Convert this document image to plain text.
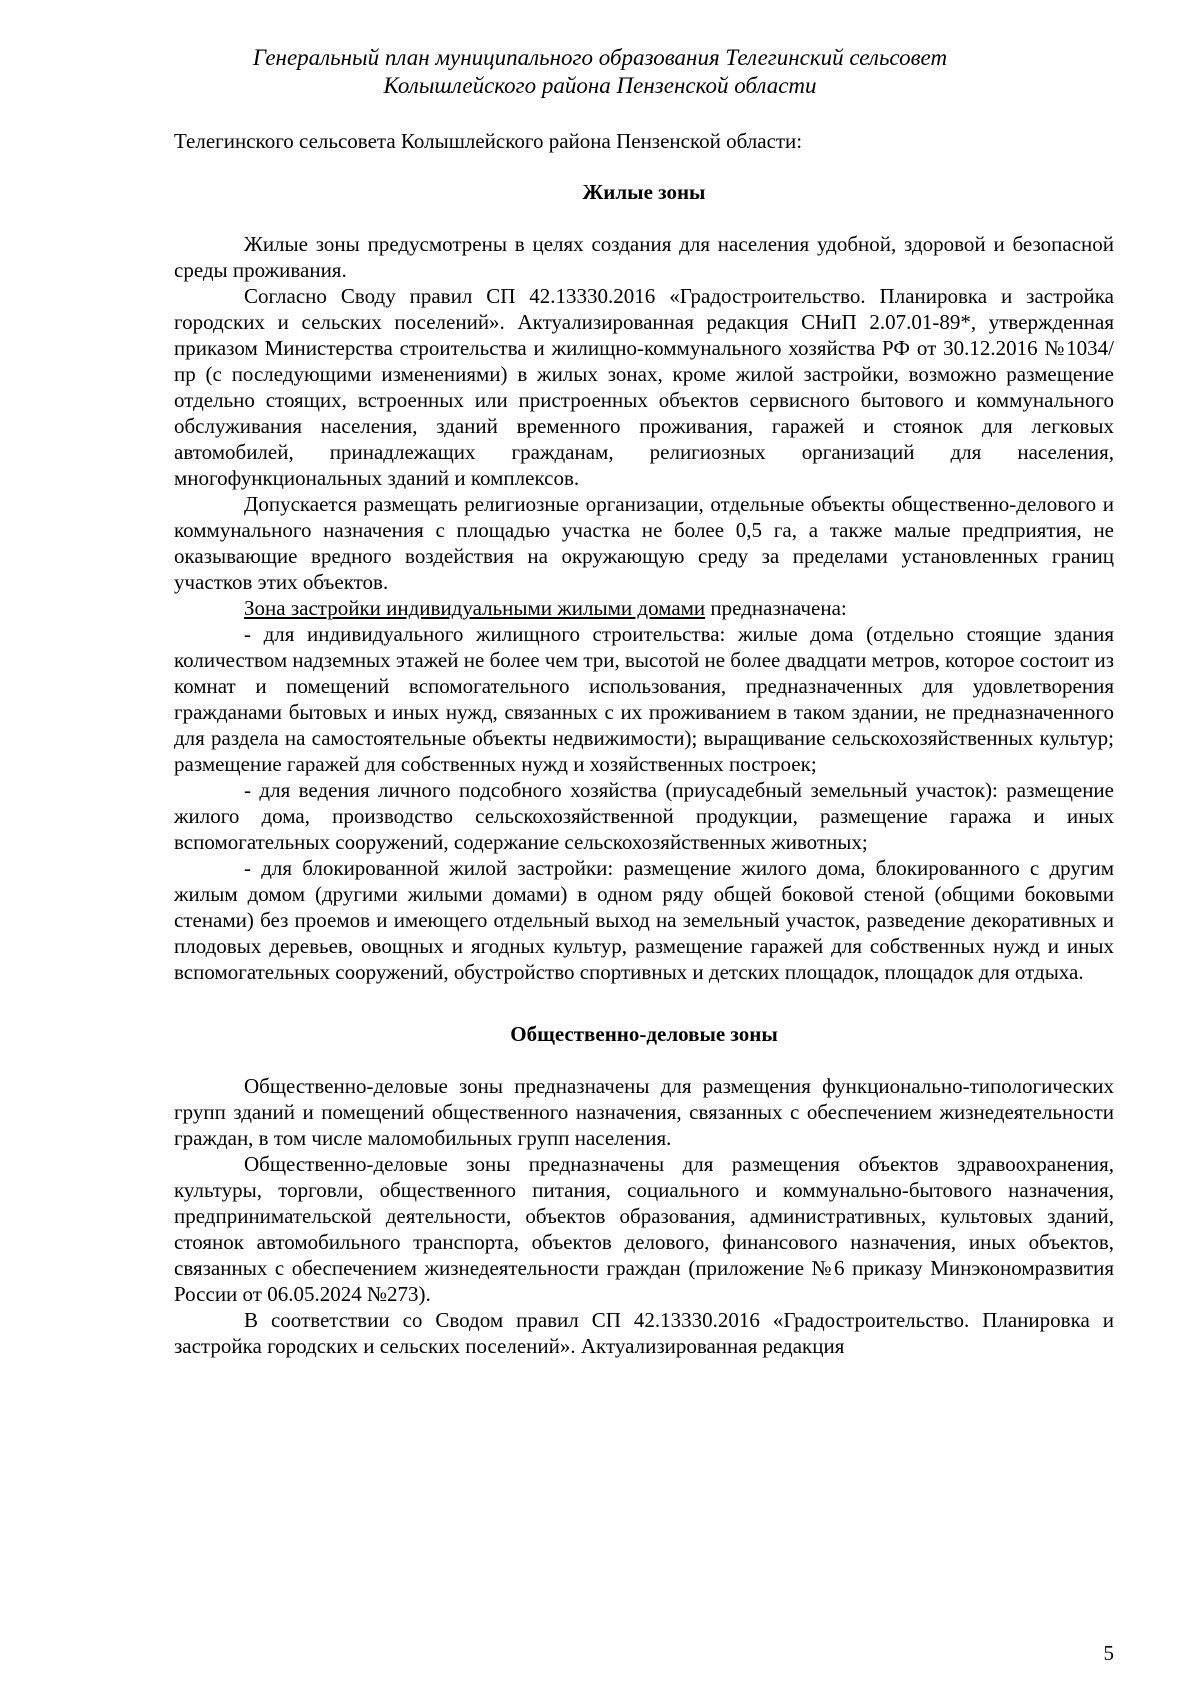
Генеральный план муниципального образования Телегинский сельсовет
Колышлейского района Пензенской области

Телегинского сельсовета Колышлейского района Пензенской области:

Жилые зоны

Жилые зоны предусмотрены в целях создания для населения удобной, здоровой и безопасной среды проживания.

Согласно Своду правил СП 42.13330.2016 «Градостроительство. Планировка и застройка городских и сельских поселений». Актуализированная редакция СНиП 2.07.01-89*, утвержденная приказом Министерства строительства и жилищно-коммунального хозяйства РФ от 30.12.2016 №1034/пр (с последующими изменениями) в жилых зонах, кроме жилой застройки, возможно размещение отдельно стоящих, встроенных или пристроенных объектов сервисного бытового и коммунального обслуживания населения, зданий временного проживания, гаражей и стоянок для легковых автомобилей, принадлежащих гражданам, религиозных организаций для населения, многофункциональных зданий и комплексов.

Допускается размещать религиозные организации, отдельные объекты общественно-делового и коммунального назначения с площадью участка не более 0,5 га, а также малые предприятия, не оказывающие вредного воздействия на окружающую среду за пределами установленных границ участков этих объектов.

Зона застройки индивидуальными жилыми домами предназначена:

- для индивидуального жилищного строительства: жилые дома (отдельно стоящие здания количеством надземных этажей не более чем три, высотой не более двадцати метров, которое состоит из комнат и помещений вспомогательного использования, предназначенных для удовлетворения гражданами бытовых и иных нужд, связанных с их проживанием в таком здании, не предназначенного для раздела на самостоятельные объекты недвижимости); выращивание сельскохозяйственных культур; размещение гаражей для собственных нужд и хозяйственных построек;

- для ведения личного подсобного хозяйства (приусадебный земельный участок): размещение жилого дома, производство сельскохозяйственной продукции, размещение гаража и иных вспомогательных сооружений, содержание сельскохозяйственных животных;

- для блокированной жилой застройки: размещение жилого дома, блокированного с другим жилым домом (другими жилыми домами) в одном ряду общей боковой стеной (общими боковыми стенами) без проемов и имеющего отдельный выход на земельный участок, разведение декоративных и плодовых деревьев, овощных и ягодных культур, размещение гаражей для собственных нужд и иных вспомогательных сооружений, обустройство спортивных и детских площадок, площадок для отдыха.

Общественно-деловые зоны

Общественно-деловые зоны предназначены для размещения функционально-типологических групп зданий и помещений общественного назначения, связанных с обеспечением жизнедеятельности граждан, в том числе маломобильных групп населения.

Общественно-деловые зоны предназначены для размещения объектов здравоохранения, культуры, торговли, общественного питания, социального и коммунально-бытового назначения, предпринимательской деятельности, объектов образования, административных, культовых зданий, стоянок автомобильного транспорта, объектов делового, финансового назначения, иных объектов, связанных с обеспечением жизнедеятельности граждан (приложение №6 приказу Минэкономразвития России от 06.05.2024 №273).

В соответствии со Сводом правил СП 42.13330.2016 «Градостроительство. Планировка и застройка городских и сельских поселений». Актуализированная редакция

5
